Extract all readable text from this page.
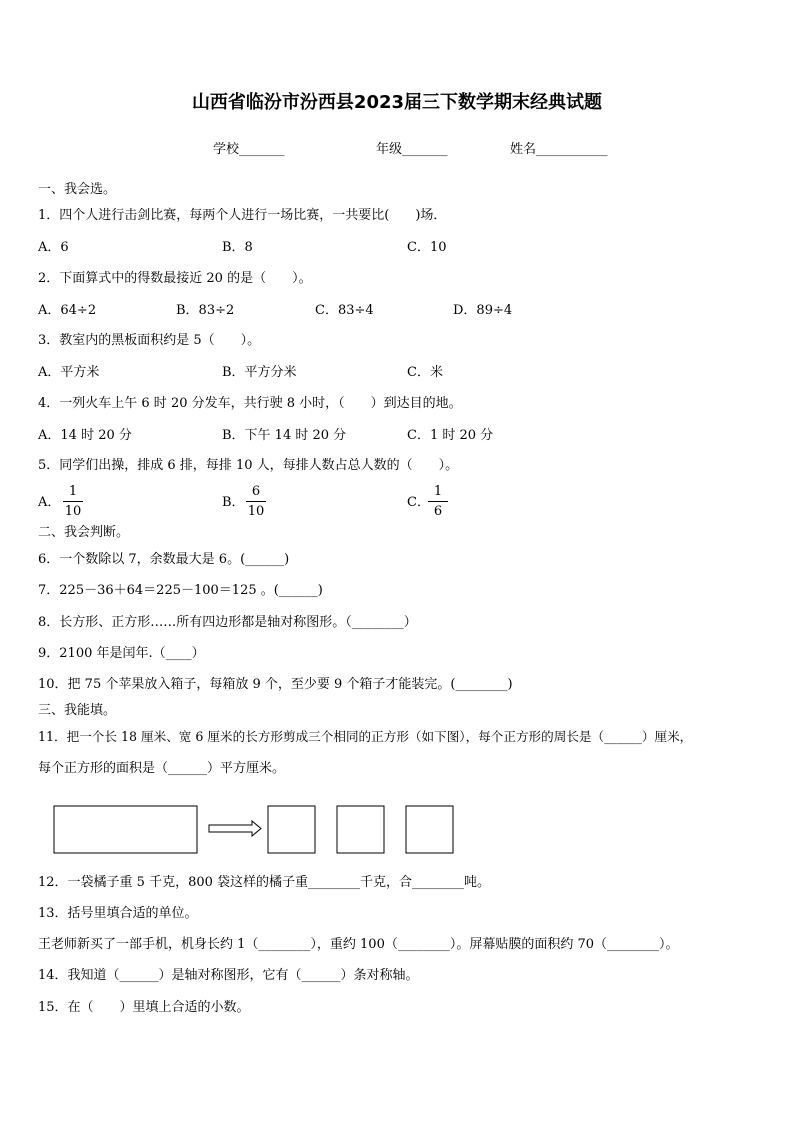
山西省临汾市汾西县2023届三下数学期末经典试题
学校_______	年级_______	姓名___________
一、我会选。
1．四个人进行击剑比赛，每两个人进行一场比赛，一共要比(　　)场．
A．6	B．8	C．10
2．下面算式中的得数最接近 20 的是（　　）。
A．64÷2	B．83÷2	C．83÷4	D．89÷4
3．教室内的黑板面积约是 5（　　）。
A．平方米	B．平方分米	C．米
4．一列火车上午 6 时 20 分发车，共行驶 8 小时，（　　）到达目的地。
A．14 时 20 分	B．下午 14 时 20 分	C．1 时 20 分
5．同学们出操，排成 6 排，每排 10 人，每排人数占总人数的（　　）。
A．
1
10
B．
6
10
C．
1
6
二、我会判断。
6．一个数除以 7，余数最大是 6。(______)
7．225－36＋64＝225－100＝125 。(______)
8．长方形、正方形……所有四边形都是轴对称图形。（________）
9．2100 年是闰年.（____）
10．把 75 个苹果放入箱子，每箱放 9 个，至少要 9 个箱子才能装完。(________)
三、我能填。
11．把一个长 18 厘米、宽 6 厘米的长方形剪成三个相同的正方形（如下图），每个正方形的周长是（______）厘米，
每个正方形的面积是（______）平方厘米。
12．一袋橘子重 5 千克，800 袋这样的橘子重________千克，合________吨。
13．括号里填合适的单位。
王老师新买了一部手机，机身长约 1（________），重约 100（________）。屏幕贴膜的面积约 70（________）。
14．我知道（______）是轴对称图形，它有（______）条对称轴。
15．在（　　）里填上合适的小数。
